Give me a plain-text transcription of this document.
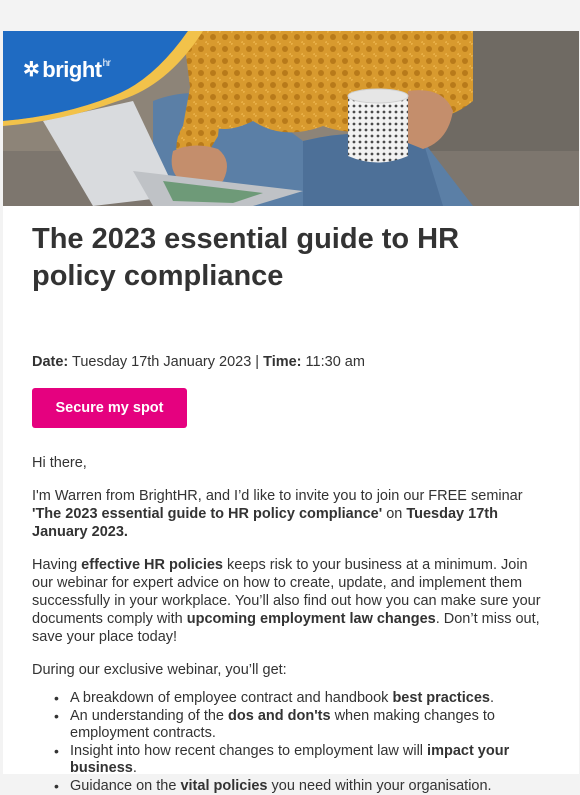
✲ bright hr
The 2023 essential guide to HR policy compliance

Date: Tuesday 17th January 2023 | Time: 11:30 am

Secure my spot

Hi there,

I'm Warren from BrightHR, and I’d like to invite you to join our FREE seminar 'The 2023 essential guide to HR policy compliance' on Tuesday 17th January 2023.

Having effective HR policies keeps risk to your business at a minimum. Join our webinar for expert advice on how to create, update, and implement them successfully in your workplace. You’ll also find out how you can make sure your documents comply with upcoming employment law changes. Don’t miss out, save your place today!

During our exclusive webinar, you’ll get:

• A breakdown of employee contract and handbook best practices.
• An understanding of the dos and don'ts when making changes to employment contracts.
• Insight into how recent changes to employment law will impact your business.
• Guidance on the vital policies you need within your organisation.
